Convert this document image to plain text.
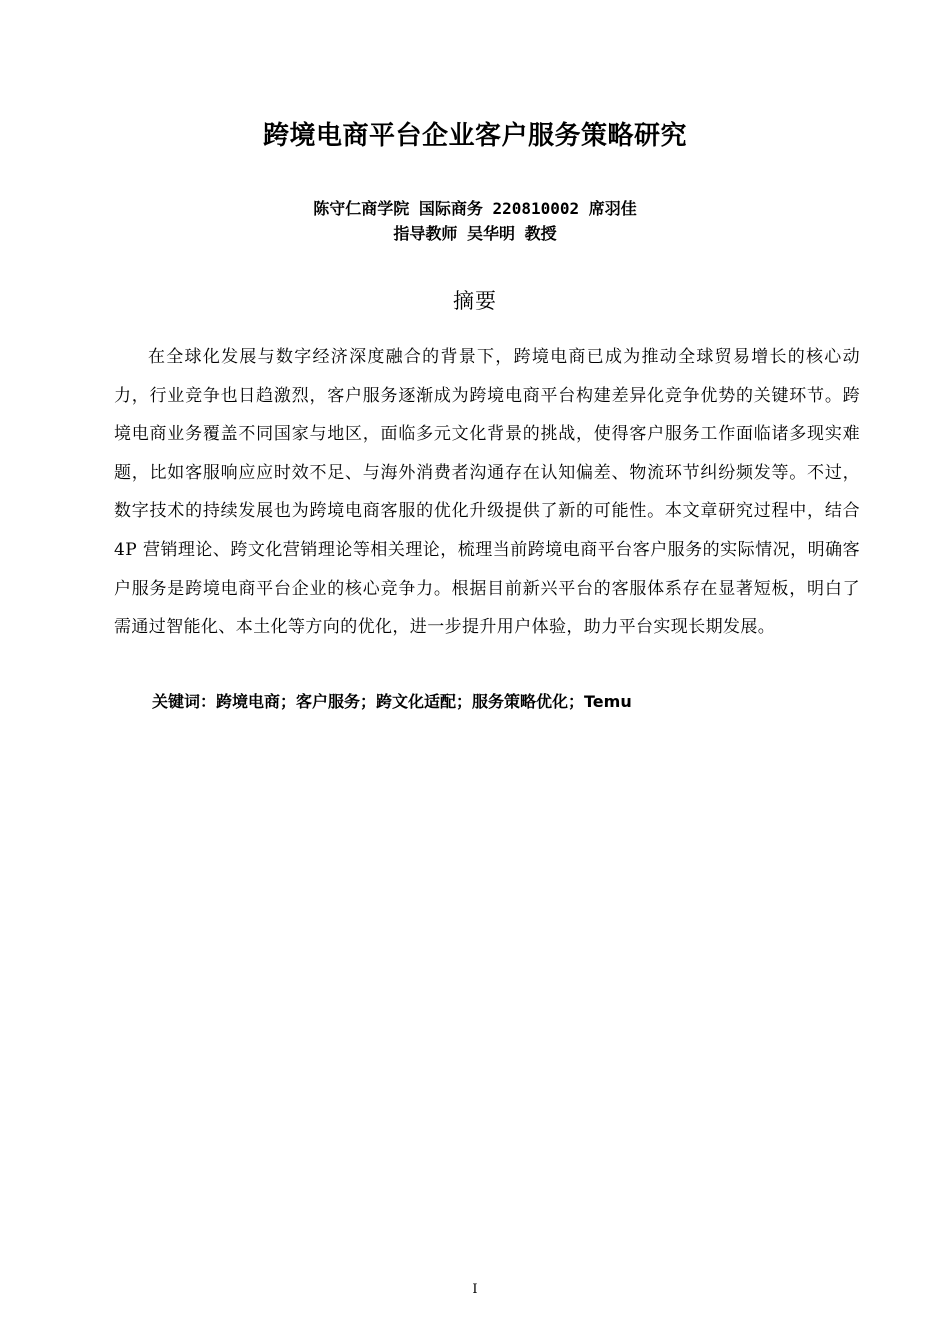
跨境电商平台企业客户服务策略研究
陈守仁商学院 国际商务 220810002 席羽佳
指导教师 吴华明 教授
摘要

在全球化发展与数字经济深度融合的背景下，跨境电商已成为推动全球贸易增长的核心动力，行业竞争也日趋激烈，客户服务逐渐成为跨境电商平台构建差异化竞争优势的关键环节。跨境电商业务覆盖不同国家与地区，面临多元文化背景的挑战，使得客户服务工作面临诸多现实难题，比如客服响应应时效不足、与海外消费者沟通存在认知偏差、物流环节纠纷频发等。不过，数字技术的持续发展也为跨境电商客服的优化升级提供了新的可能性。本文章研究过程中，结合 4P 营销理论、跨文化营销理论等相关理论，梳理当前跨境电商平台客户服务的实际情况，明确客户服务是跨境电商平台企业的核心竞争力。根据目前新兴平台的客服体系存在显著短板，明白了需通过智能化、本土化等方向的优化，进一步提升用户体验，助力平台实现长期发展。

关键词：跨境电商；客户服务；跨文化适配；服务策略优化；Temu
I
